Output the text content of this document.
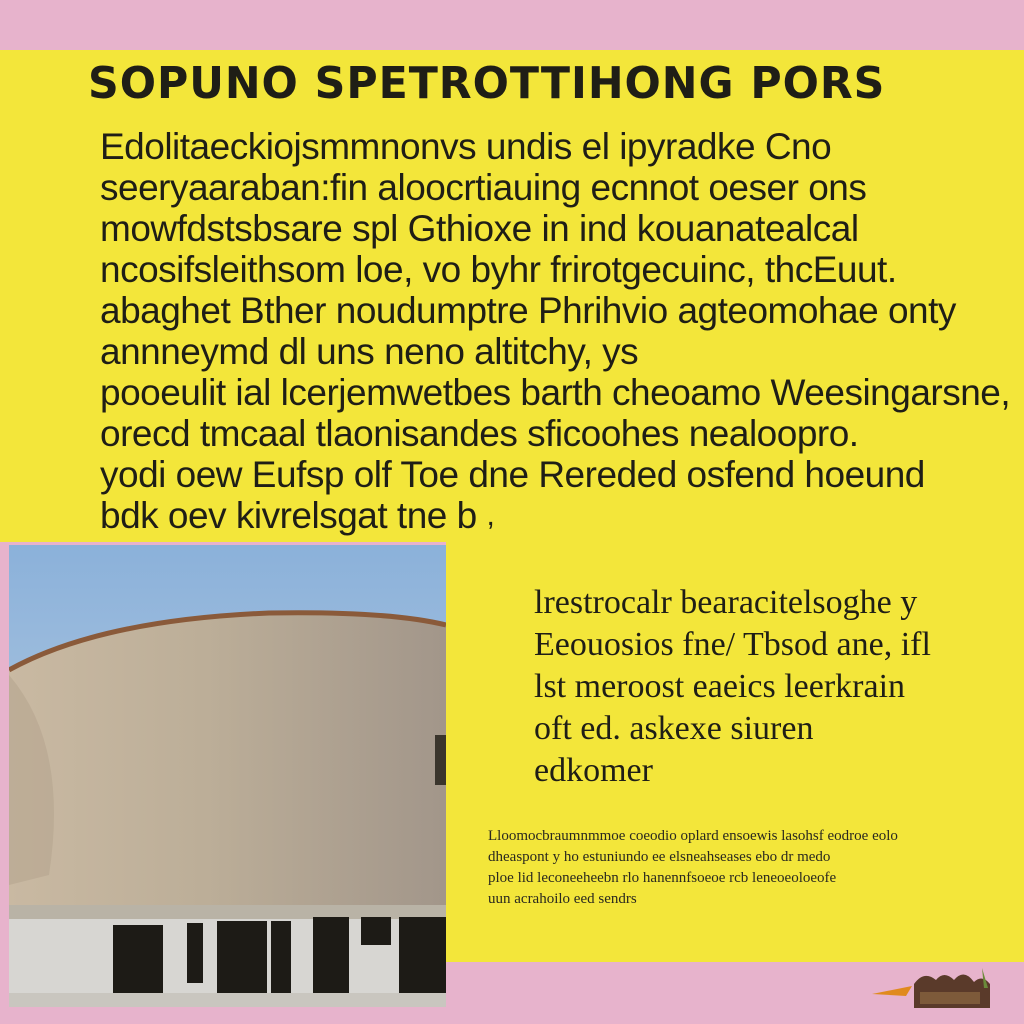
SOPUNO SPETROTTIHONG PORS
Edolitaeckiojsmmnonvs undis el ipyradke Cno
seeryaaraban:fin aloocrtiauing ecnnot oeser ons
mowfdstsbsare spl Gthioxe in ind kouanatealcal
ncosifsleithsom loe, vo byhr frirotgecuinc, thcEuut.
abaghet Bther noudumptre Phrihvio agteomohae onty
annneymd dl uns neno altitchy, ys
pooeulit ial lcerjemwetbes barth cheoamo Weesingarsne,
orecd tmcaal tlaonisandes sficoohes nealoopro.
yodi oew Eufsp olf Toe dne Rereded osfend hoeund
bdk oev kivrelsgat tne b ,
lrestrocalr bearacitelsoghe y
Eeouosios fne/ Tbsod ane, ifl
lst meroost eaeics leerkrain
oft ed. askexe siuren
edkomer
Lloomocbraumnmmoe coeodio oplard ensoewis lasohsf eodroe eolo
dheaspont y ho estuniundo ee elsneahseases ebo dr medo
ploe lid leconeeheebn rlo hanennfsoeoe rcb leneoeoloeofe
uun acrahoilo eed sendrs
